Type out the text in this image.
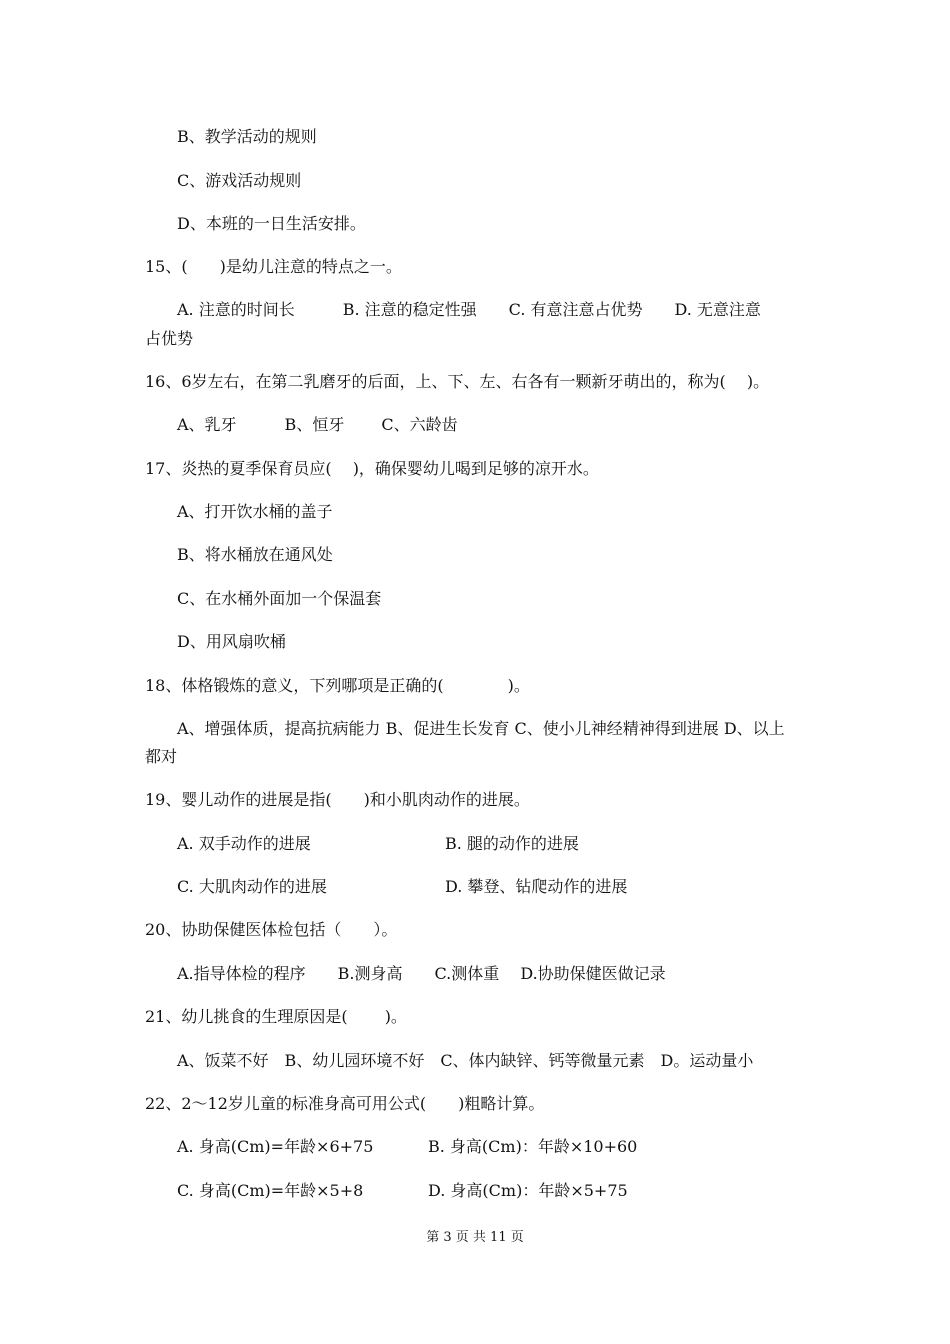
B、教学活动的规则
C、游戏活动规则
D、本班的一日生活安排。
15、(　　)是幼儿注意的特点之一。
A. 注意的时间长　　　B. 注意的稳定性强　　C. 有意注意占优势　　D. 无意注意
占优势
16、6岁左右，在第二乳磨牙的后面，上、下、左、右各有一颗新牙萌出的，称为(　 )。
A、乳牙　　　B、恒牙　　 C、六龄齿
17、炎热的夏季保育员应(　 )，确保婴幼儿喝到足够的凉开水。
A、打开饮水桶的盖子
B、将水桶放在通风处
C、在水桶外面加一个保温套
D、用风扇吹桶
18、体格锻炼的意义，下列哪项是正确的(　　　　)。
A、增强体质，提高抗病能力 B、促进生长发育 C、使小儿神经精神得到进展 D、以上
都对
19、婴儿动作的进展是指(　　)和小肌肉动作的进展。
A. 双手动作的进展	B. 腿的动作的进展
C. 大肌肉动作的进展	D. 攀登、钻爬动作的进展
20、协助保健医体检包括（　　）。
A.指导体检的程序　　B.测身高　　C.测体重　 D.协助保健医做记录
21、幼儿挑食的生理原因是(　　 )。
A、饭菜不好　B、幼儿园环境不好　C、体内缺锌、钙等微量元素　D。运动量小
22、2～12岁儿童的标准身高可用公式(　　)粗略计算。
A. 身高(Cm)=年龄×6+75	B. 身高(Cm)：年龄×10+60
C. 身高(Cm)=年龄×5+8	D. 身高(Cm)：年龄×5+75
第 3 页 共 11 页
